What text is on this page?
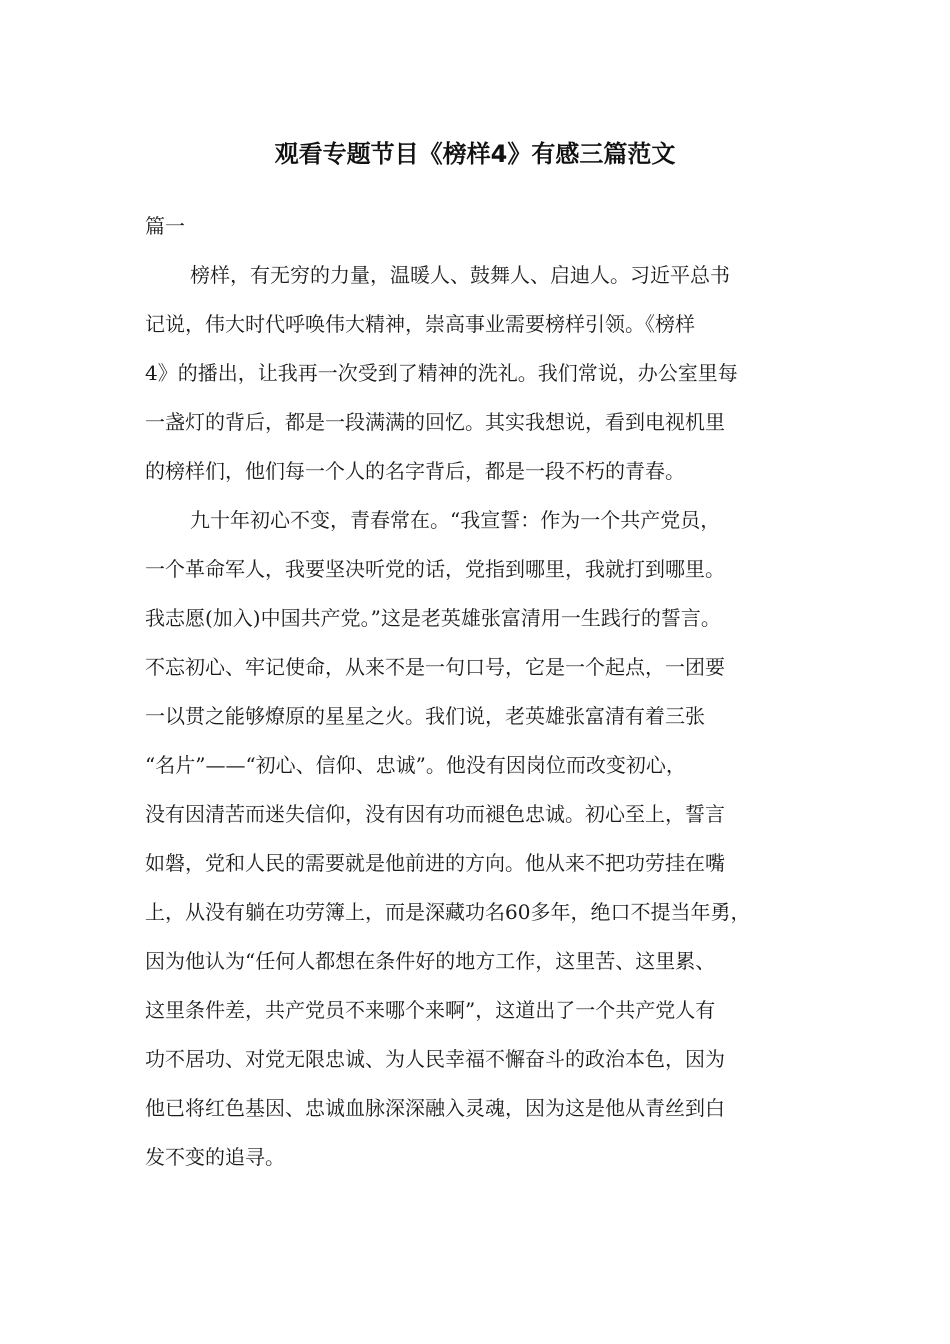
观看专题节目《榜样4》有感三篇范文
篇一
榜样，有无穷的力量，温暖人、鼓舞人、启迪人。习近平总书
记说，伟大时代呼唤伟大精神，崇高事业需要榜样引领。《榜样
4》的播出，让我再一次受到了精神的洗礼。我们常说，办公室里每
一盏灯的背后，都是一段满满的回忆。其实我想说，看到电视机里
的榜样们，他们每一个人的名字背后，都是一段不朽的青春。
九十年初心不变，青春常在。“我宣誓：作为一个共产党员，
一个革命军人，我要坚决听党的话，党指到哪里，我就打到哪里。
我志愿(加入)中国共产党。”这是老英雄张富清用一生践行的誓言。
不忘初心、牢记使命，从来不是一句口号，它是一个起点，一团要
一以贯之能够燎原的星星之火。我们说，老英雄张富清有着三张
“名片”——“初心、信仰、忠诚”。他没有因岗位而改变初心，
没有因清苦而迷失信仰，没有因有功而褪色忠诚。初心至上，誓言
如磐，党和人民的需要就是他前进的方向。他从来不把功劳挂在嘴
上，从没有躺在功劳簿上，而是深藏功名60多年，绝口不提当年勇，
因为他认为“任何人都想在条件好的地方工作，这里苦、这里累、
这里条件差，共产党员不来哪个来啊”，这道出了一个共产党人有
功不居功、对党无限忠诚、为人民幸福不懈奋斗的政治本色，因为
他已将红色基因、忠诚血脉深深融入灵魂，因为这是他从青丝到白
发不变的追寻。
